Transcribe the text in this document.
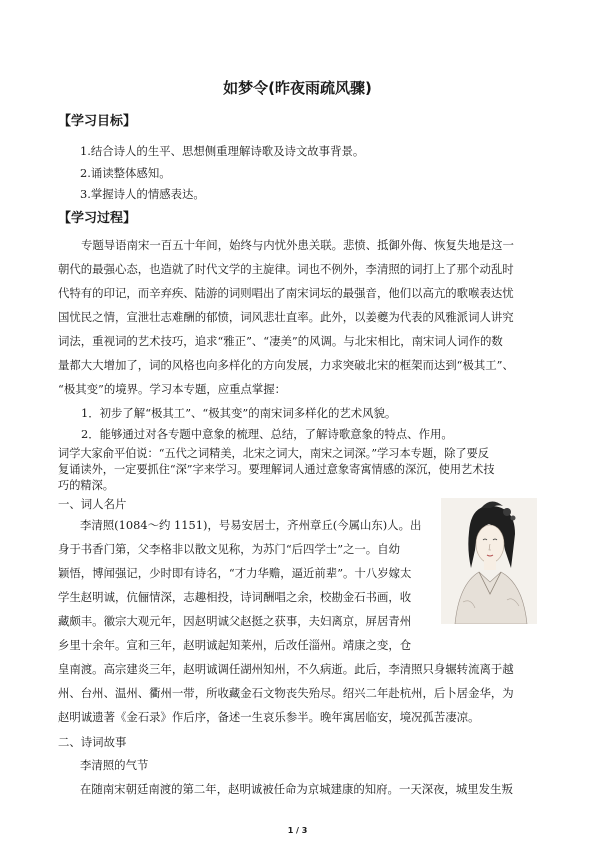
如梦令(昨夜雨疏风骤)
【学习目标】
1.结合诗人的生平、思想侧重理解诗歌及诗文故事背景。
2.诵读整体感知。
3.掌握诗人的情感表达。
【学习过程】
专题导语南宋一百五十年间，始终与内忧外患关联。悲愤、抵御外侮、恢复失地是这一
朝代的最强心态，也造就了时代文学的主旋律。词也不例外，李清照的词打上了那个动乱时
代特有的印记，而辛弃疾、陆游的词则唱出了南宋词坛的最强音，他们以高亢的歌喉表达忧
国忧民之情，宣泄壮志难酬的郁愤，词风悲壮直率。此外，以姜夔为代表的风雅派词人讲究
词法，重视词的艺术技巧，追求“雅正”、“凄美”的风调。与北宋相比，南宋词人词作的数
量都大大增加了，词的风格也向多样化的方向发展，力求突破北宋的框架而达到“极其工”、
“极其变”的境界。学习本专题，应重点掌握：
1．初步了解“极其工”、“极其变”的南宋词多样化的艺术风貌。
2．能够通过对各专题中意象的梳理、总结，了解诗歌意象的特点、作用。
词学大家俞平伯说：“五代之词精美，北宋之词大，南宋之词深。”学习本专题，除了要反
复诵读外，一定要抓住“深”字来学习。要理解词人通过意象寄寓情感的深沉，使用艺术技
巧的精深。
一、词人名片
李清照(1084～约 1151)，号易安居士，齐州章丘(今属山东)人。出
身于书香门第，父李格非以散文见称，为苏门“后四学士”之一。自幼
颖悟，博闻强记，少时即有诗名，“才力华赡，逼近前辈”。十八岁嫁太
学生赵明诚，伉俪情深，志趣相投，诗词酬唱之余，校勘金石书画，收
藏颇丰。徽宗大观元年，因赵明诚父赵挺之获事，夫妇离京，屏居青州
乡里十余年。宣和三年，赵明诚起知莱州，后改任淄州。靖康之变，仓
皇南渡。高宗建炎三年，赵明诚调任湖州知州，不久病逝。此后，李清照只身辗转流离于越
州、台州、温州、衢州一带，所收藏金石文物丧失殆尽。绍兴二年赴杭州，后卜居金华，为
赵明诚遗著《金石录》作后序，备述一生哀乐参半。晚年寓居临安，境况孤苦凄凉。
二、诗词故事
李清照的气节
在随南宋朝廷南渡的第二年，赵明诚被任命为京城建康的知府。一天深夜，城里发生叛
1 / 3
